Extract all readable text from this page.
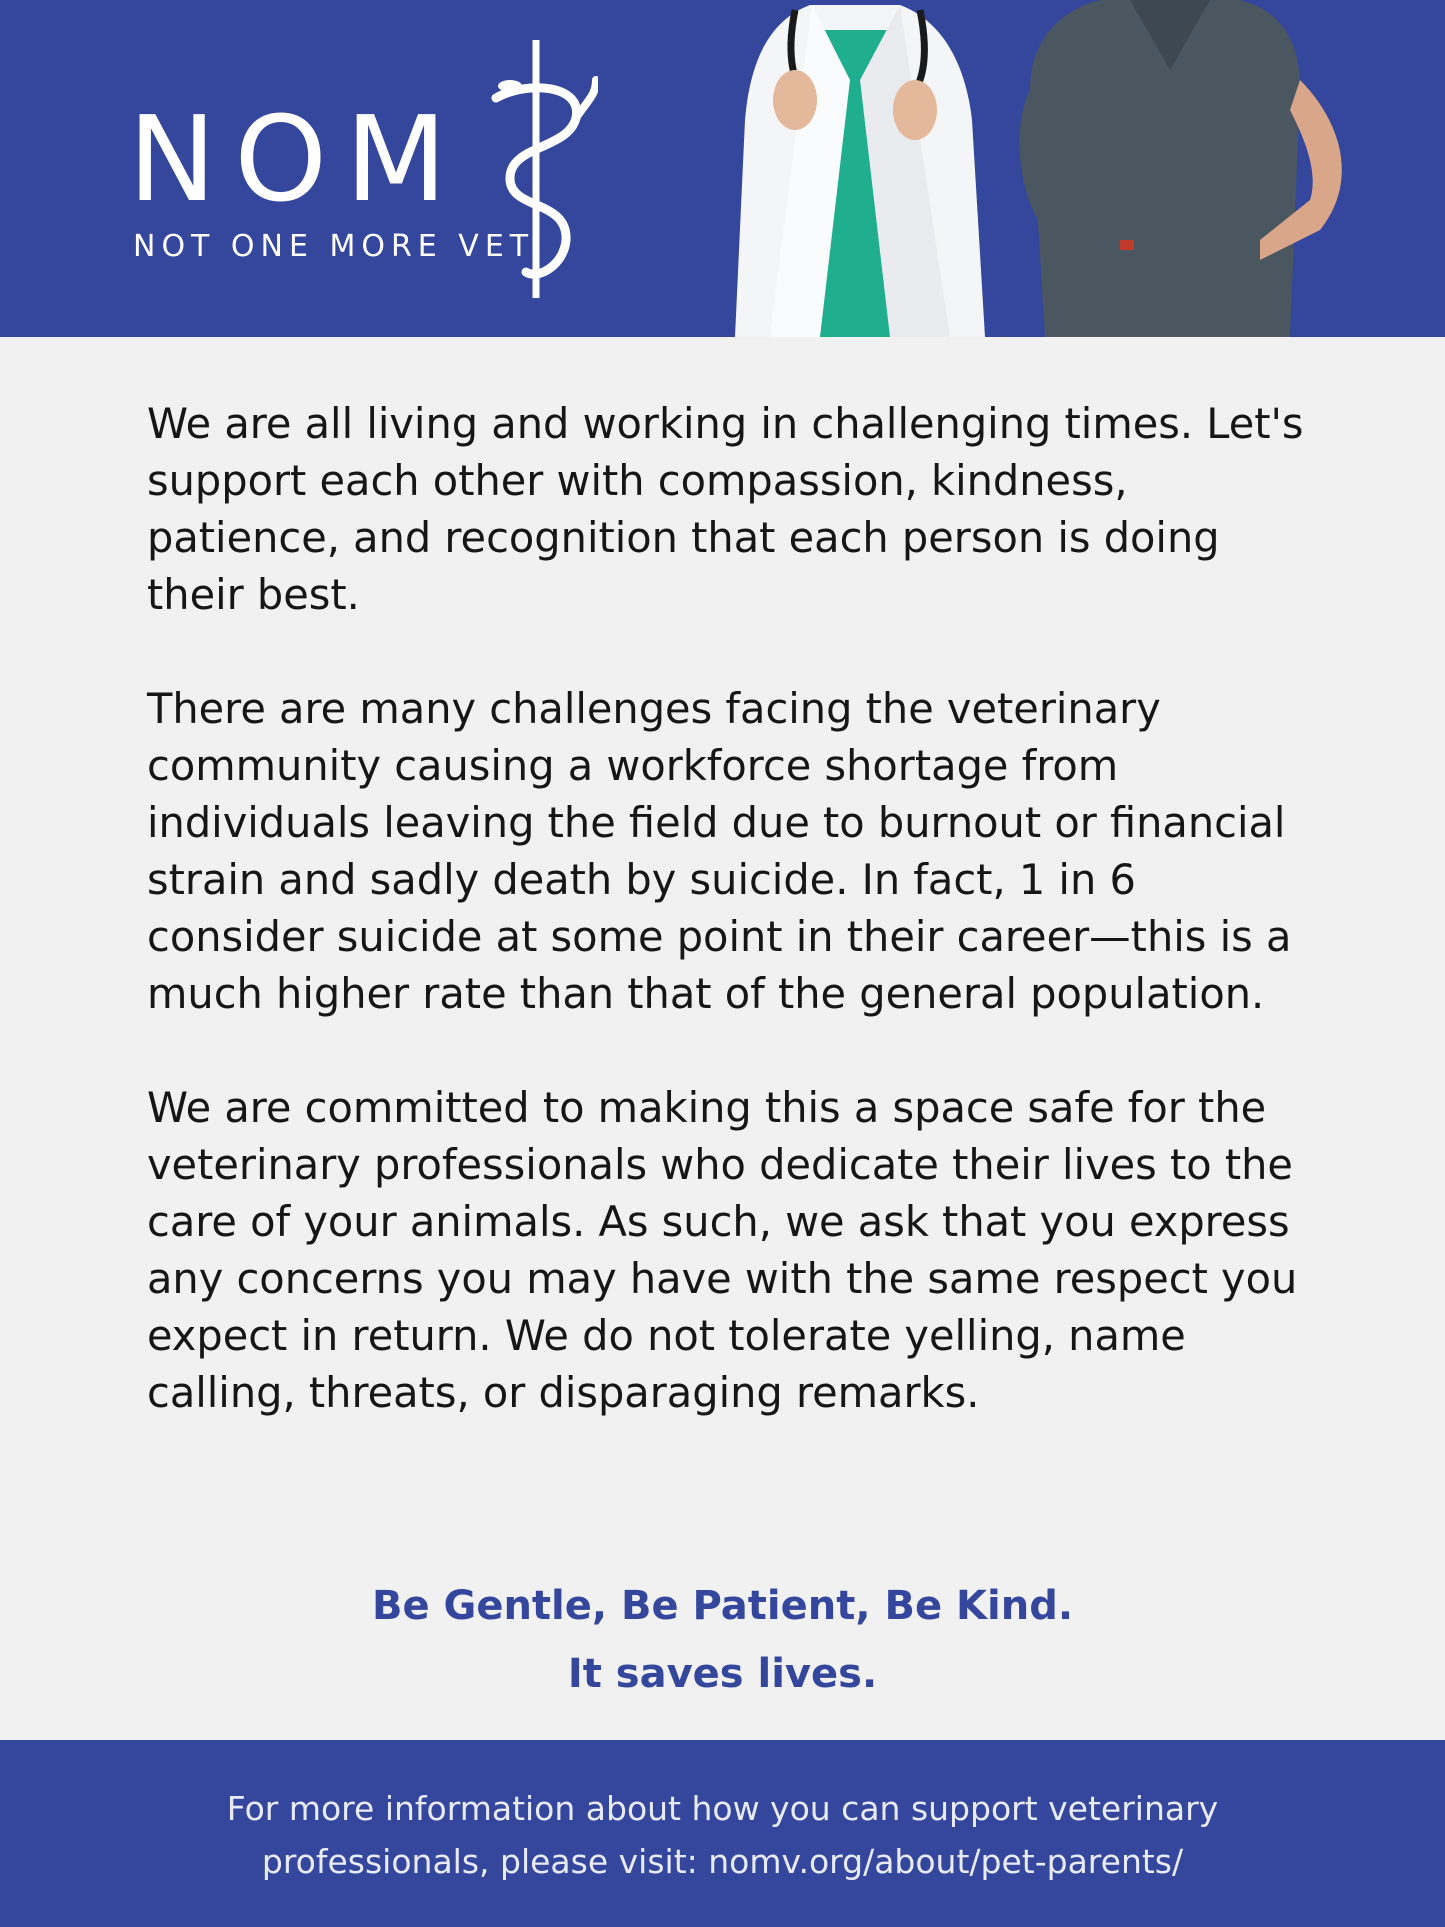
NOM
NOT ONE MORE VET

We are all living and working in challenging times. Let's support each other with compassion, kindness, patience, and recognition that each person is doing their best.

There are many challenges facing the veterinary community causing a workforce shortage from individuals leaving the field due to burnout or financial strain and sadly death by suicide. In fact, 1 in 6 consider suicide at some point in their career—this is a much higher rate than that of the general population.

We are committed to making this a space safe for the veterinary professionals who dedicate their lives to the care of your animals. As such, we ask that you express any concerns you may have with the same respect you expect in return. We do not tolerate yelling, name calling, threats, or disparaging remarks.

Be Gentle, Be Patient, Be Kind.
It saves lives.
For more information about how you can support veterinary
professionals, please visit: nomv.org/about/pet-parents/
